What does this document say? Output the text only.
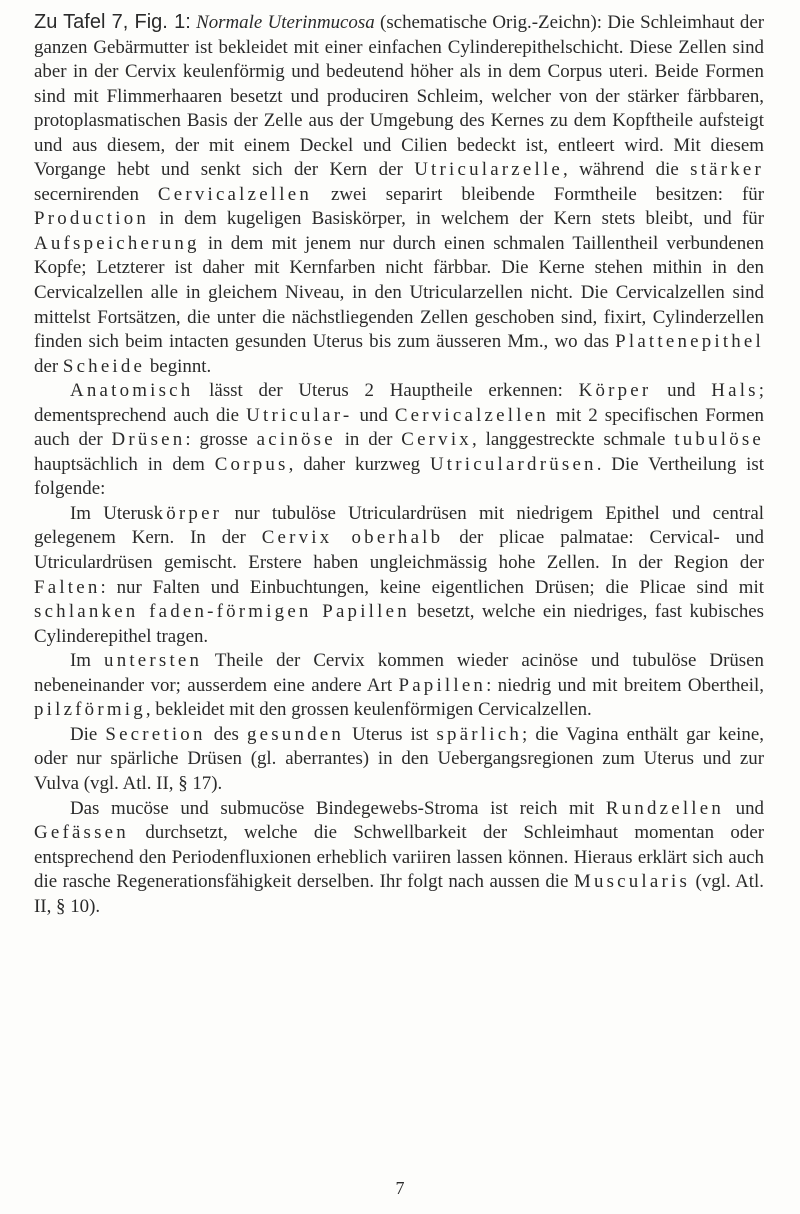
Zu Tafel 7, Fig. 1: Normale Uterinmucosa (schematische Orig.-Zeichn): Die Schleimhaut der ganzen Gebärmutter ist bekleidet mit einer einfachen Cylinderepithelschicht. Diese Zellen sind aber in der Cervix keulenförmig und bedeutend höher als in dem Corpus uteri. Beide Formen sind mit Flimmerhaaren besetzt und produciren Schleim, welcher von der stärker färbbaren, protoplasmatischen Basis der Zelle aus der Umgebung des Kernes zu dem Kopftheile aufsteigt und aus diesem, der mit einem Deckel und Cilien bedeckt ist, entleert wird. Mit diesem Vorgange hebt und senkt sich der Kern der Utricularzelle, während die stärker secernirenden Cervicalzellen zwei separirt bleibende Formtheile besitzen: für Production in dem kugeligen Basiskörper, in welchem der Kern stets bleibt, und für Aufspeicherung in dem mit jenem nur durch einen schmalen Taillentheil verbundenen Kopfe; Letzterer ist daher mit Kernfarben nicht färbbar. Die Kerne stehen mithin in den Cervicalzellen alle in gleichem Niveau, in den Utricularzellen nicht. Die Cervicalzellen sind mittelst Fortsätzen, die unter die nächstliegenden Zellen geschoben sind, fixirt, Cylinderzellen finden sich beim intacten gesunden Uterus bis zum äusseren Mm., wo das Plattenepithel der Scheide beginnt.

Anatomisch lässt der Uterus 2 Hauptheile erkennen: Körper und Hals; dementsprechend auch die Utricular- und Cervicalzellen mit 2 specifischen Formen auch der Drüsen: grosse acinöse in der Cervix, langgestreckte schmale tubulöse hauptsächlich in dem Corpus, daher kurzweg Utriculardrüsen. Die Vertheilung ist folgende:

Im Uteruskörper nur tubulöse Utriculardrüsen mit niedrigem Epithel und central gelegenem Kern. In der Cervix oberhalb der plicae palmatae: Cervical- und Utriculardrüsen gemischt. Erstere haben ungleichmässig hohe Zellen. In der Region der Falten: nur Falten und Einbuchtungen, keine eigentlichen Drüsen; die Plicae sind mit schlanken faden-förmigen Papillen besetzt, welche ein niedriges, fast kubisches Cylinderepithel tragen.

Im untersten Theile der Cervix kommen wieder acinöse und tubulöse Drüsen nebeneinander vor; ausserdem eine andere Art Papillen: niedrig und mit breitem Obertheil, pilzförmig, bekleidet mit den grossen keulenförmigen Cervicalzellen.

Die Secretion des gesunden Uterus ist spärlich; die Vagina enthält gar keine, oder nur spärliche Drüsen (gl. aberrantes) in den Uebergangsregionen zum Uterus und zur Vulva (vgl. Atl. II, § 17).

Das mucöse und submucöse Bindegewebs-Stroma ist reich mit Rundzellen und Gefässen durchsetzt, welche die Schwellbarkeit der Schleimhaut momentan oder entsprechend den Periodenfluxionen erheblich variiren lassen können. Hieraus erklärt sich auch die rasche Regenerationsfähigkeit derselben. Ihr folgt nach aussen die Muscularis (vgl. Atl. II, § 10).

7
